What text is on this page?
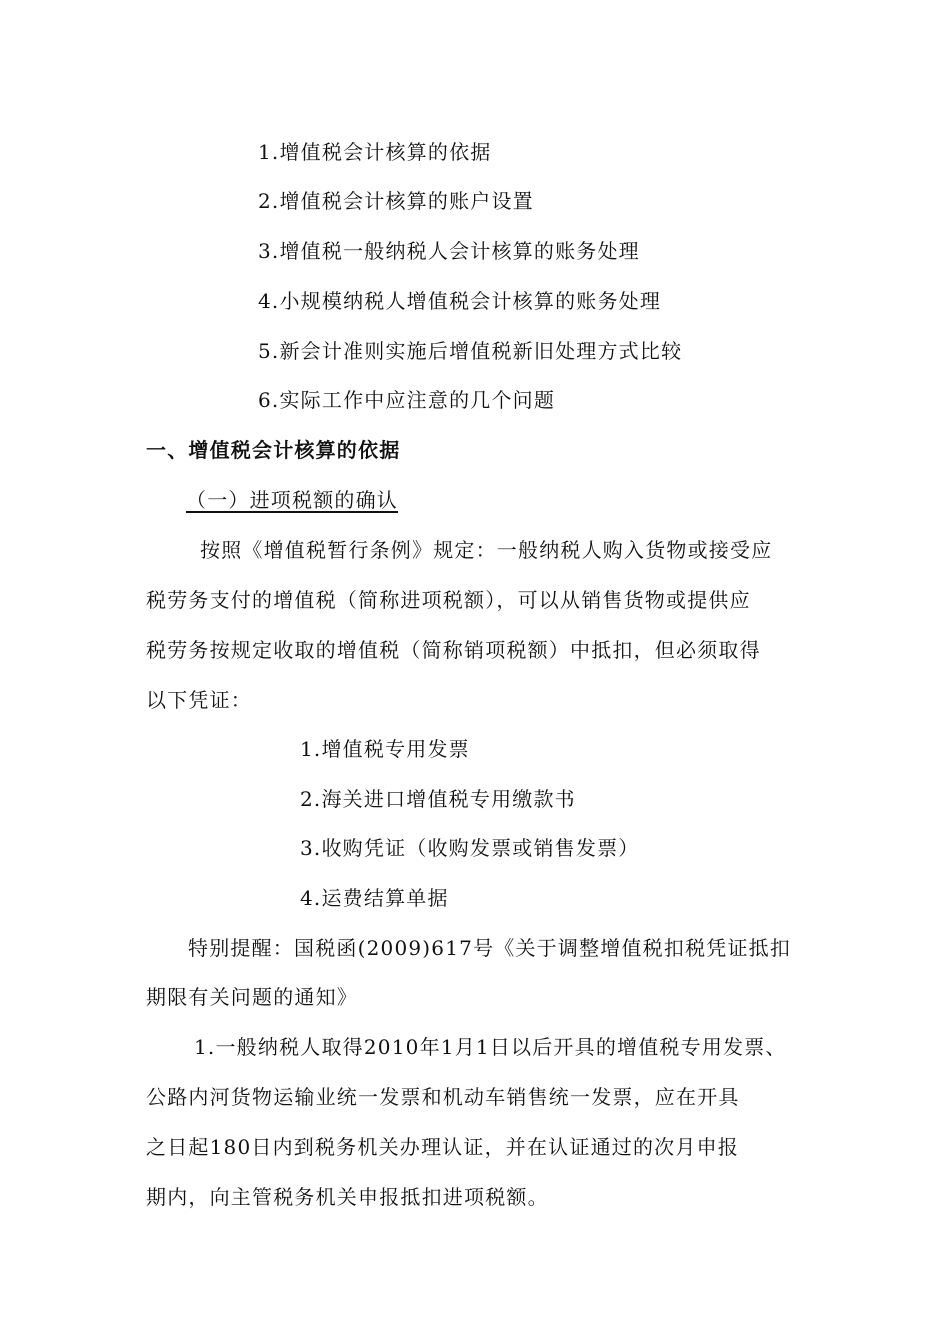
1.增值税会计核算的依据
2.增值税会计核算的账户设置
3.增值税一般纳税人会计核算的账务处理
4.小规模纳税人增值税会计核算的账务处理
5.新会计准则实施后增值税新旧处理方式比较
6.实际工作中应注意的几个问题
一、增值税会计核算的依据
（一）进项税额的确认
按照《增值税暂行条例》规定：一般纳税人购入货物或接受应
税劳务支付的增值税（简称进项税额），可以从销售货物或提供应
税劳务按规定收取的增值税（简称销项税额）中抵扣，但必须取得
以下凭证：
1.增值税专用发票
2.海关进口增值税专用缴款书
3.收购凭证（收购发票或销售发票）
4.运费结算单据
特别提醒：国税函(2009)617号《关于调整增值税扣税凭证抵扣
期限有关问题的通知》
1.一般纳税人取得2010年1月1日以后开具的增值税专用发票、
公路内河货物运输业统一发票和机动车销售统一发票，应在开具
之日起180日内到税务机关办理认证，并在认证通过的次月申报
期内，向主管税务机关申报抵扣进项税额。
